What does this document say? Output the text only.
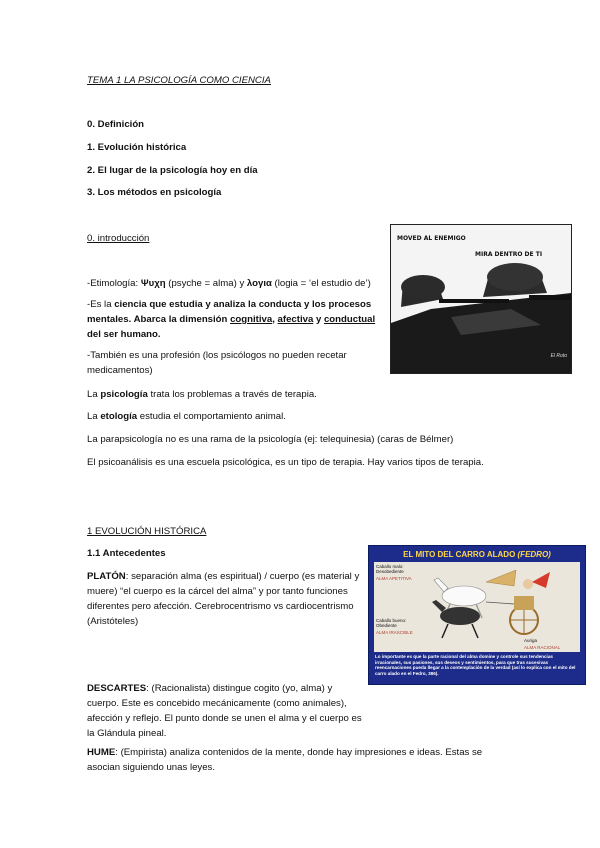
TEMA 1 LA PSICOLOGÍA COMO CIENCIA
0. Definición
1. Evolución histórica
2. El lugar de la psicología hoy en día
3. Los métodos en psicología
0. introducción
-Etimología: Ψυχη (psyche = alma) y λογια (logia = ‘el estudio de’)
-Es la ciencia que estudia y analiza la conducta y los procesos mentales. Abarca la dimensión cognitiva, afectiva y conductual del ser humano.
-También es una profesión (los psicólogos no pueden recetar medicamentos)
La psicología trata los problemas a través de terapia.
La etología estudia el comportamiento animal.
La parapsicología no es una rama de la psicología (ej: telequinesia) (caras de Bélmer)
El psicoanálisis es una escuela psicológica, es un tipo de terapia. Hay varios tipos de terapia.
MOVED AL ENEMIGO
MIRA DENTRO DE TI
El Roto
1 EVOLUCIÓN HISTÓRICA
1.1 Antecedentes
PLATÓN: separación alma (es espiritual) / cuerpo (es material y muere) “el cuerpo es la cárcel del alma” y por tanto funciones diferentes pero afección. Cerebrocentrismo vs cardiocentrismo (Aristóteles)
DESCARTES: (Racionalista) distingue cogito (yo, alma) y cuerpo. Este es concebido mecánicamente (como animales), afección y reflejo. El punto donde se unen el alma y el cuerpo es la Glándula pineal.
HUME: (Empirista) analiza contenidos de la mente, donde hay impresiones e ideas. Estas se asocian siguiendo unas leyes.
EL MITO DEL CARRO ALADO (FEDRO)
Caballo malo: Desobediente
ALMA APETITIVA
Caballo bueno: Obediente
ALMA IRASCIBLE
Auriga
ALMA RACIONAL
Lo importante es que la parte racional del alma domine y controle sus tendencias irracionales, sus pasiones, sus deseos y sentimientos, para que tras sucesivas reencarnaciones pueda llegar a la contemplación de la verdad (así lo explica con el mito del carro alado en el Fedro, 386).
